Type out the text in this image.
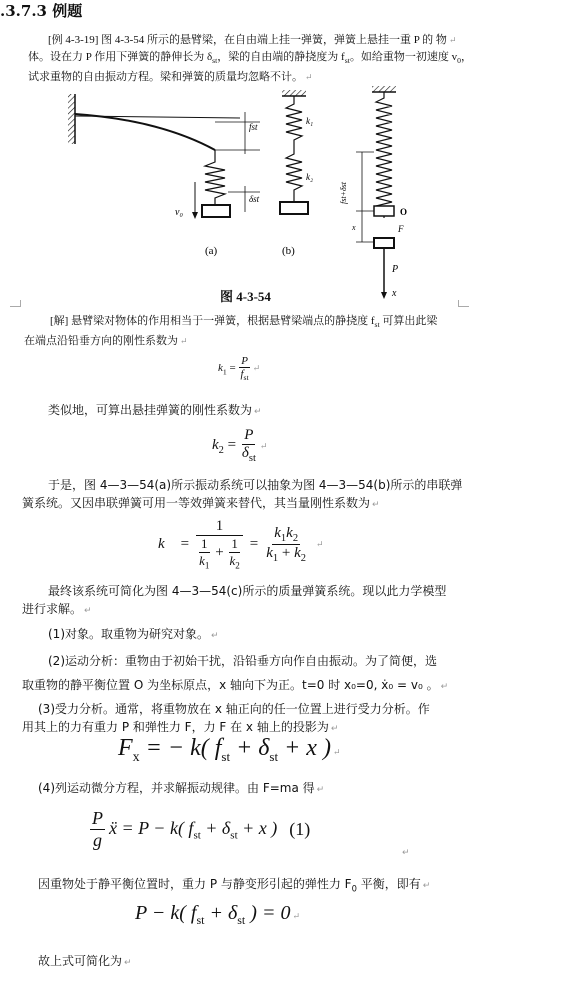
.3.7.3 例题
[例 4-3-19] 图 4-3-54 所示的悬臂梁，在自由端上挂一弹簧，弹簧上悬挂一重 P 的 物 ↵
体。设在力 P 作用下弹簧的静伸长为 $\delta_{st}$，梁的自由端的静挠度为 $f_{st}$。如给重物一初速度 $v_0$，
试求重物的自由振动方程。梁和弹簧的质量均忽略不计。 ↵
v₀
fst
δst
(a)
k₁
k₂
(b)
fst+δst
x
O
F
P
x
图 4-3-54
[解] 悬臂梁对物体的作用相当于一弹簧，根据悬臂梁端点的静挠度 $f_{st}$ 可算出此梁
在端点沿铅垂方向的刚性系数为 ↵
$k_1 = \frac{P}{f_{st}}$ ↵
类似地，可算出悬挂弹簧的刚性系数为 ↵
$k_2 = \frac{P}{\delta_{st}}$ ↵
于是，图 4—3—54(a)所示振动系统可以抽象为图 4—3—54(b)所示的串联弹
簧系统。又因串联弹簧可用一等效弹簧来替代，其当量刚性系数为 ↵
$k = \frac{1}{\frac{1}{k_1} + \frac{1}{k_2}} = \frac{k_1k_2}{k_1 + k_2}$ ↵
最终该系统可简化为图 4—3—54(c)所示的质量弹簧系统。现以此力学模型
进行求解。 ↵
(1)对象。取重物为研究对象。 ↵
(2)运动分析：重物由于初始干扰，沿铅垂方向作自由振动。为了简便，选
取重物的静平衡位置 O 为坐标原点，x 轴向下为正。t=0 时 x₀=0, ẋ₀ = v₀ 。 ↵
(3)受力分析。通常，将重物放在 x 轴正向的任一位置上进行受力分析。作
用其上的力有重力 P 和弹性力 F，力 F 在 x 轴上的投影为 ↵
$F_x$ = − k( $f_{st} + \delta_{st} + x$ ) ↵
(4)列运动微分方程，并求解振动规律。由 F=ma 得 ↵
$\frac{P}{g}$ ẍ = P − k( $f_{st} + \delta_{st} + x$ ) (1)
↵
因重物处于静平衡位置时，重力 P 与静变形引起的弹性力 $F_0$ 平衡，即有 ↵
P − k( $f_{st} + \delta_{st}$ ) = 0 ↵
故上式可简化为 ↵
